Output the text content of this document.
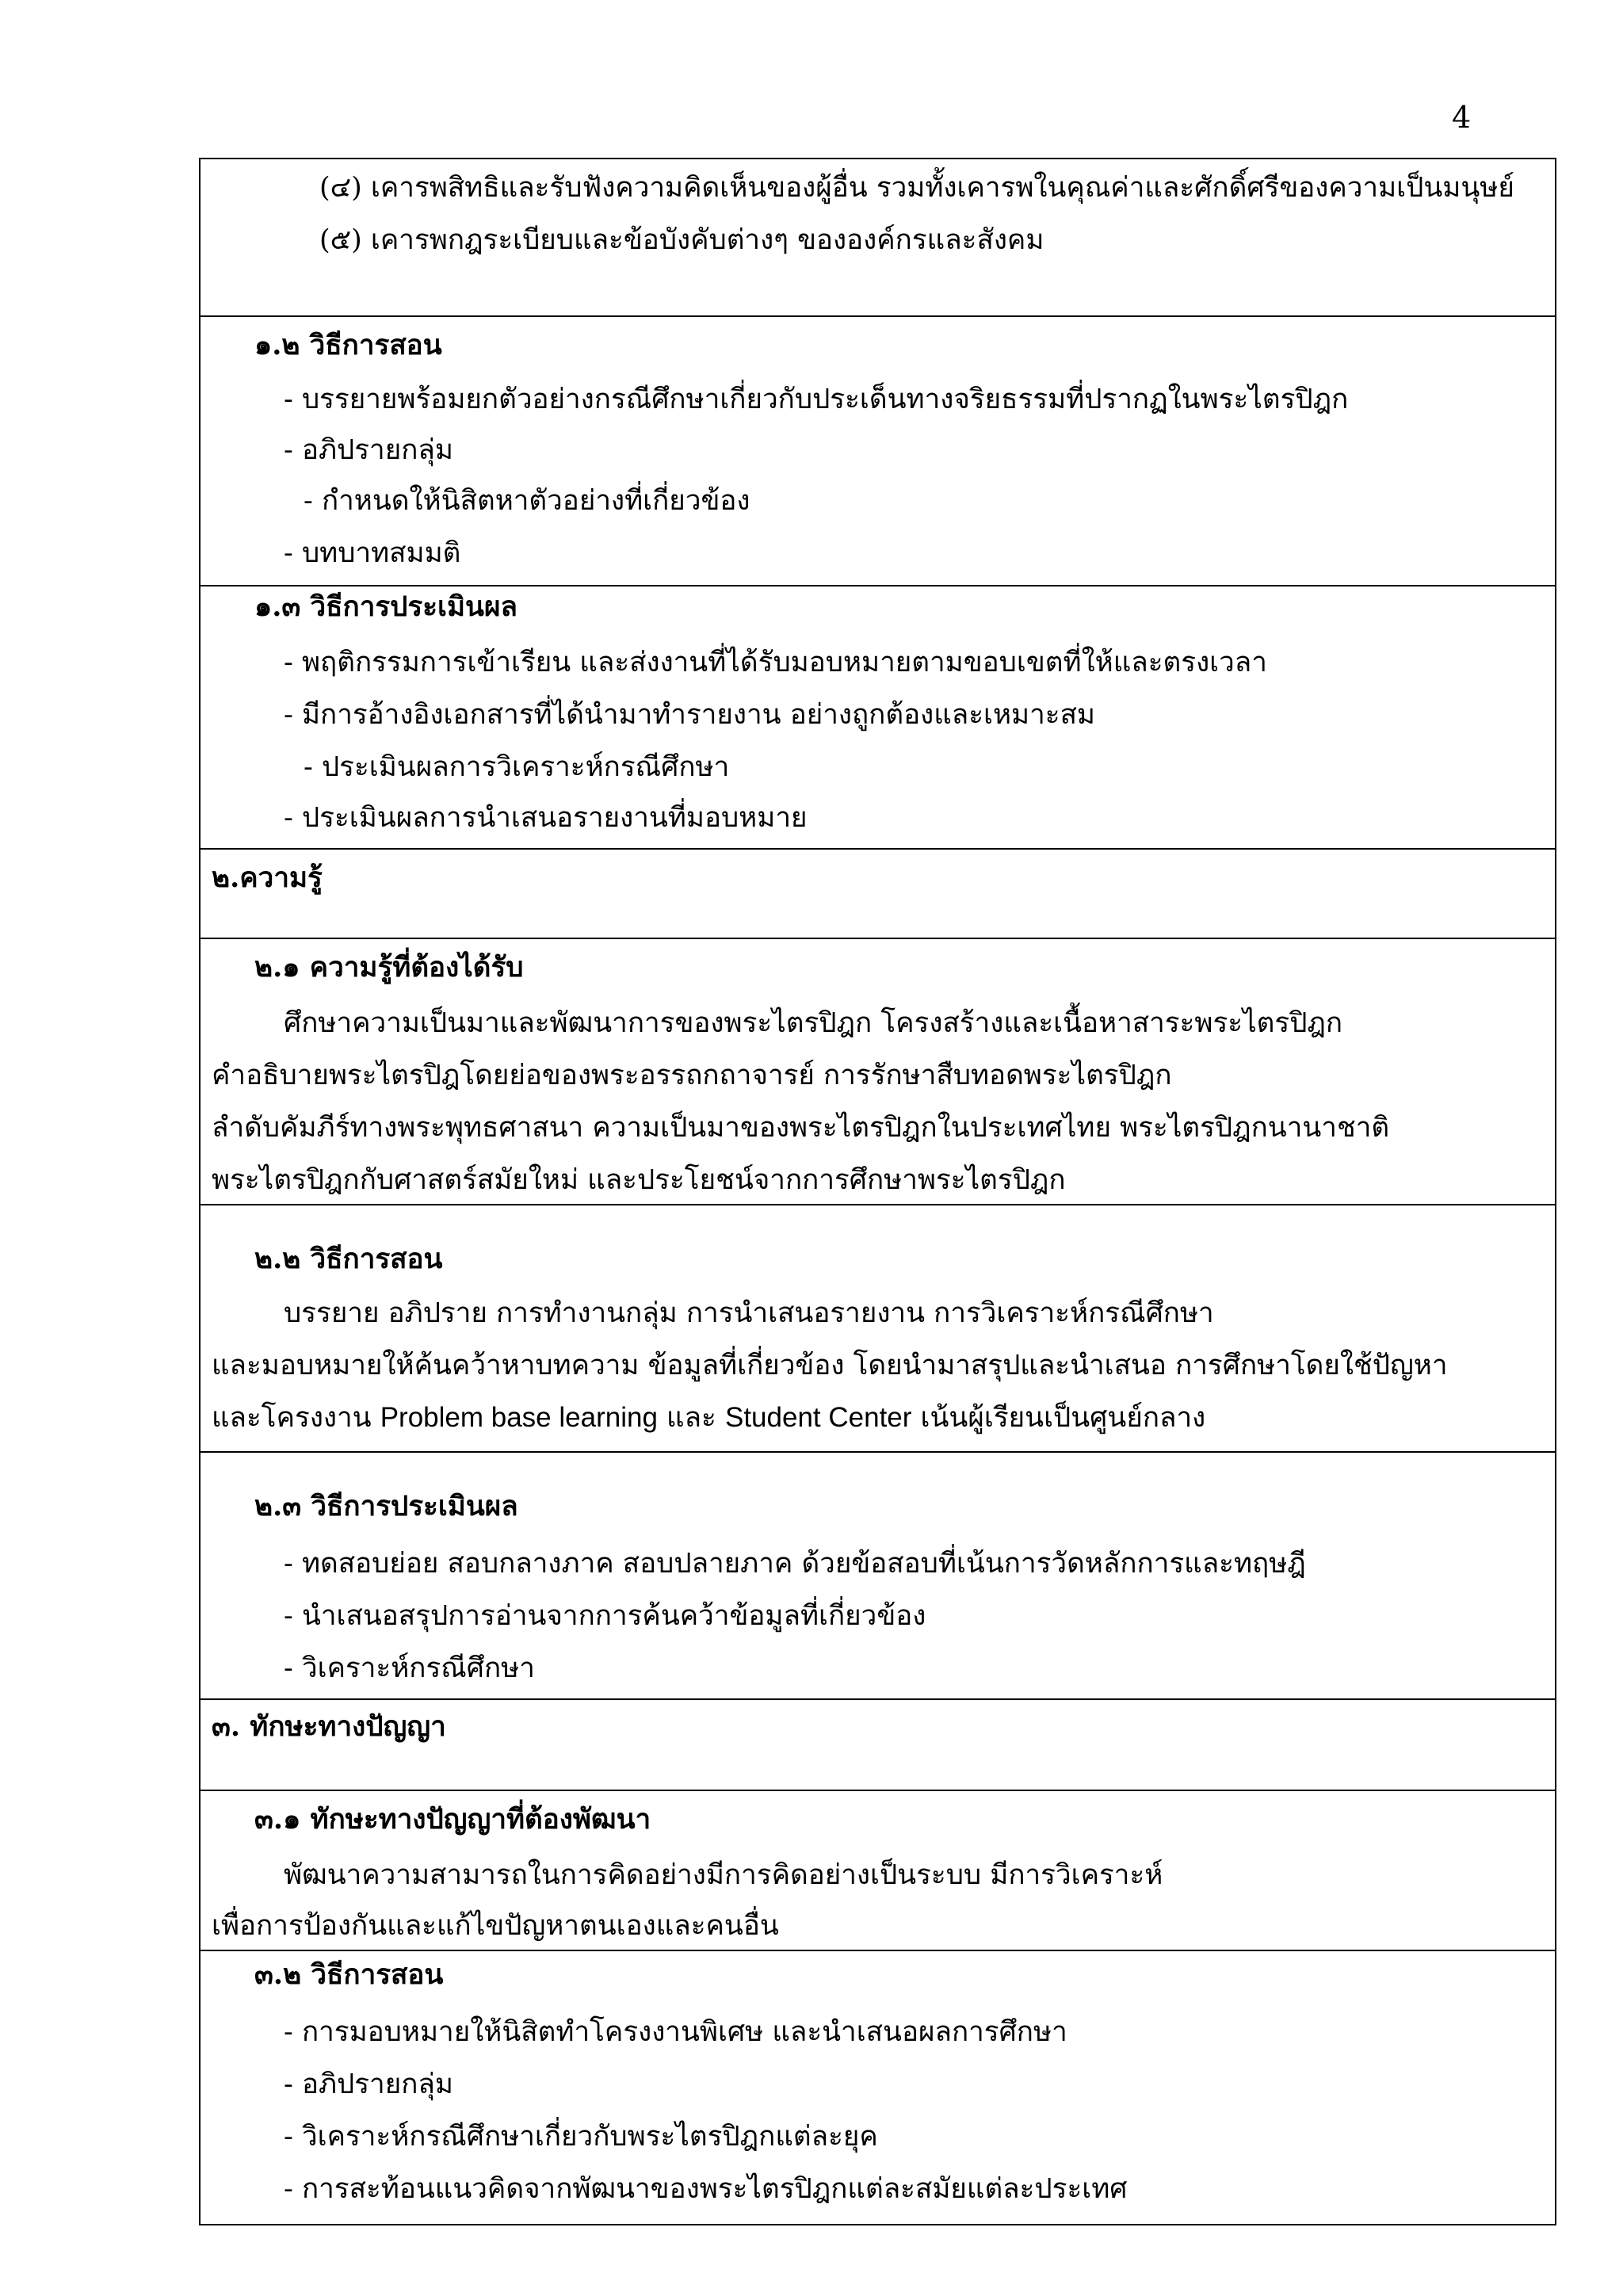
4
(๔) เคารพสิทธิและรับฟังความคิดเห็นของผู้อื่น รวมทั้งเคารพในคุณค่าและศักดิ์ศรีของความเป็นมนุษย์
(๕) เคารพกฎระเบียบและข้อบังคับต่างๆ ขององค์กรและสังคม
๑.๒ วิธีการสอน
- บรรยายพร้อมยกตัวอย่างกรณีศึกษาเกี่ยวกับประเด็นทางจริยธรรมที่ปรากฏในพระไตรปิฎก
- อภิปรายกลุ่ม
- กำหนดให้นิสิตหาตัวอย่างที่เกี่ยวข้อง
- บทบาทสมมติ
๑.๓ วิธีการประเมินผล
- พฤติกรรมการเข้าเรียน และส่งงานที่ได้รับมอบหมายตามขอบเขตที่ให้และตรงเวลา
- มีการอ้างอิงเอกสารที่ได้นำมาทำรายงาน อย่างถูกต้องและเหมาะสม
- ประเมินผลการวิเคราะห์กรณีศึกษา
- ประเมินผลการนำเสนอรายงานที่มอบหมาย
๒.ความรู้
๒.๑ ความรู้ที่ต้องได้รับ
ศึกษาความเป็นมาและพัฒนาการของพระไตรปิฎก โครงสร้างและเนื้อหาสาระพระไตรปิฎก
คำอธิบายพระไตรปิฎโดยย่อของพระอรรถกถาจารย์ การรักษาสืบทอดพระไตรปิฎก
ลำดับคัมภีร์ทางพระพุทธศาสนา ความเป็นมาของพระไตรปิฎกในประเทศไทย พระไตรปิฎกนานาชาติ
พระไตรปิฎกกับศาสตร์สมัยใหม่ และประโยชน์จากการศึกษาพระไตรปิฎก
๒.๒ วิธีการสอน
บรรยาย อภิปราย การทำงานกลุ่ม การนำเสนอรายงาน การวิเคราะห์กรณีศึกษา
และมอบหมายให้ค้นคว้าหาบทความ ข้อมูลที่เกี่ยวข้อง โดยนำมาสรุปและนำเสนอ การศึกษาโดยใช้ปัญหา
และโครงงาน Problem base learning และ Student Center เน้นผู้เรียนเป็นศูนย์กลาง
๒.๓ วิธีการประเมินผล
- ทดสอบย่อย สอบกลางภาค สอบปลายภาค ด้วยข้อสอบที่เน้นการวัดหลักการและทฤษฎี
- นำเสนอสรุปการอ่านจากการค้นคว้าข้อมูลที่เกี่ยวข้อง
- วิเคราะห์กรณีศึกษา
๓. ทักษะทางปัญญา
๓.๑ ทักษะทางปัญญาที่ต้องพัฒนา
พัฒนาความสามารถในการคิดอย่างมีการคิดอย่างเป็นระบบ มีการวิเคราะห์
เพื่อการป้องกันและแก้ไขปัญหาตนเองและคนอื่น
๓.๒ วิธีการสอน
- การมอบหมายให้นิสิตทำโครงงานพิเศษ และนำเสนอผลการศึกษา
- อภิปรายกลุ่ม
- วิเคราะห์กรณีศึกษาเกี่ยวกับพระไตรปิฎกแต่ละยุค
- การสะท้อนแนวคิดจากพัฒนาของพระไตรปิฎกแต่ละสมัยแต่ละประเทศ
